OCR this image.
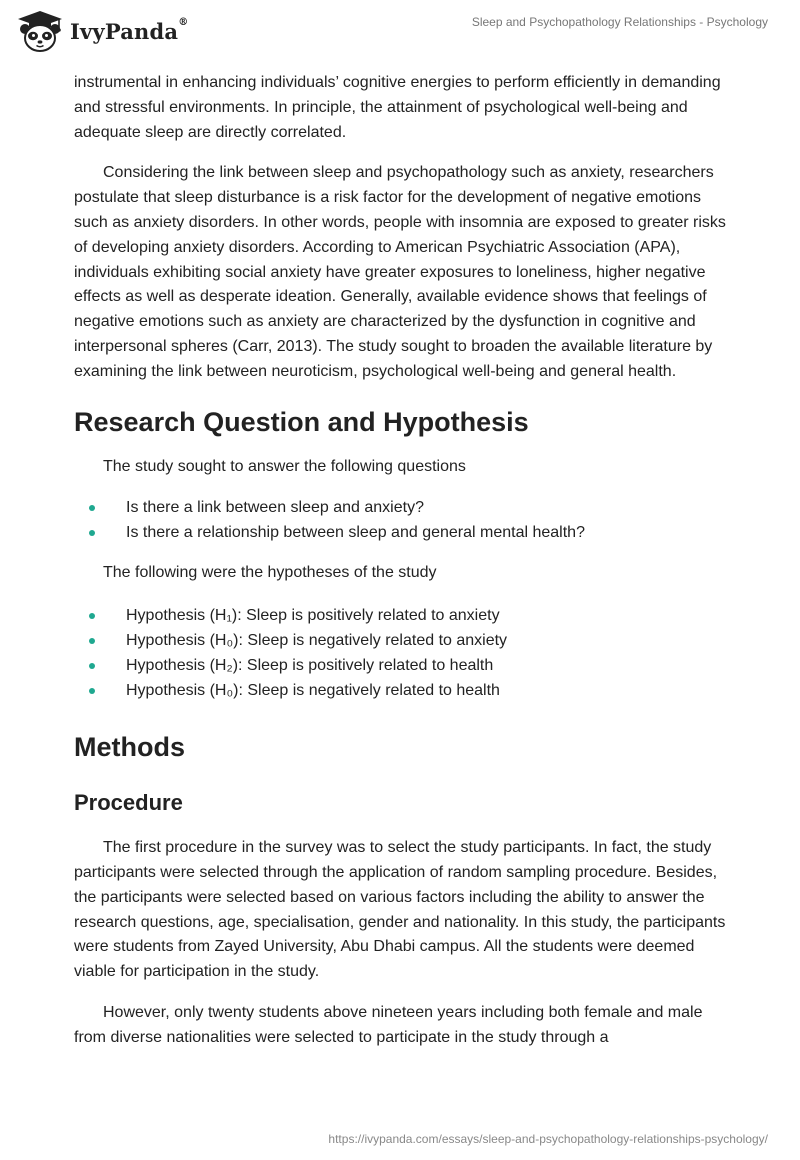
IvyPanda®	Sleep and Psychopathology Relationships - Psychology

instrumental in enhancing individuals’ cognitive energies to perform efficiently in demanding and stressful environments. In principle, the attainment of psychological well-being and adequate sleep are directly correlated.

Considering the link between sleep and psychopathology such as anxiety, researchers postulate that sleep disturbance is a risk factor for the development of negative emotions such as anxiety disorders. In other words, people with insomnia are exposed to greater risks of developing anxiety disorders. According to American Psychiatric Association (APA), individuals exhibiting social anxiety have greater exposures to loneliness, higher negative effects as well as desperate ideation. Generally, available evidence shows that feelings of negative emotions such as anxiety are characterized by the dysfunction in cognitive and interpersonal spheres (Carr, 2013). The study sought to broaden the available literature by examining the link between neuroticism, psychological well-being and general health.

Research Question and Hypothesis

The study sought to answer the following questions

Is there a link between sleep and anxiety?
Is there a relationship between sleep and general mental health?

The following were the hypotheses of the study

Hypothesis (H₁): Sleep is positively related to anxiety
Hypothesis (H₀): Sleep is negatively related to anxiety
Hypothesis (H₂): Sleep is positively related to health
Hypothesis (H₀): Sleep is negatively related to health
Methods
Procedure

The first procedure in the survey was to select the study participants. In fact, the study participants were selected through the application of random sampling procedure. Besides, the participants were selected based on various factors including the ability to answer the research questions, age, specialisation, gender and nationality. In this study, the participants were students from Zayed University, Abu Dhabi campus. All the students were deemed viable for participation in the study.

However, only twenty students above nineteen years including both female and male from diverse nationalities were selected to participate in the study through a

https://ivypanda.com/essays/sleep-and-psychopathology-relationships-psychology/
